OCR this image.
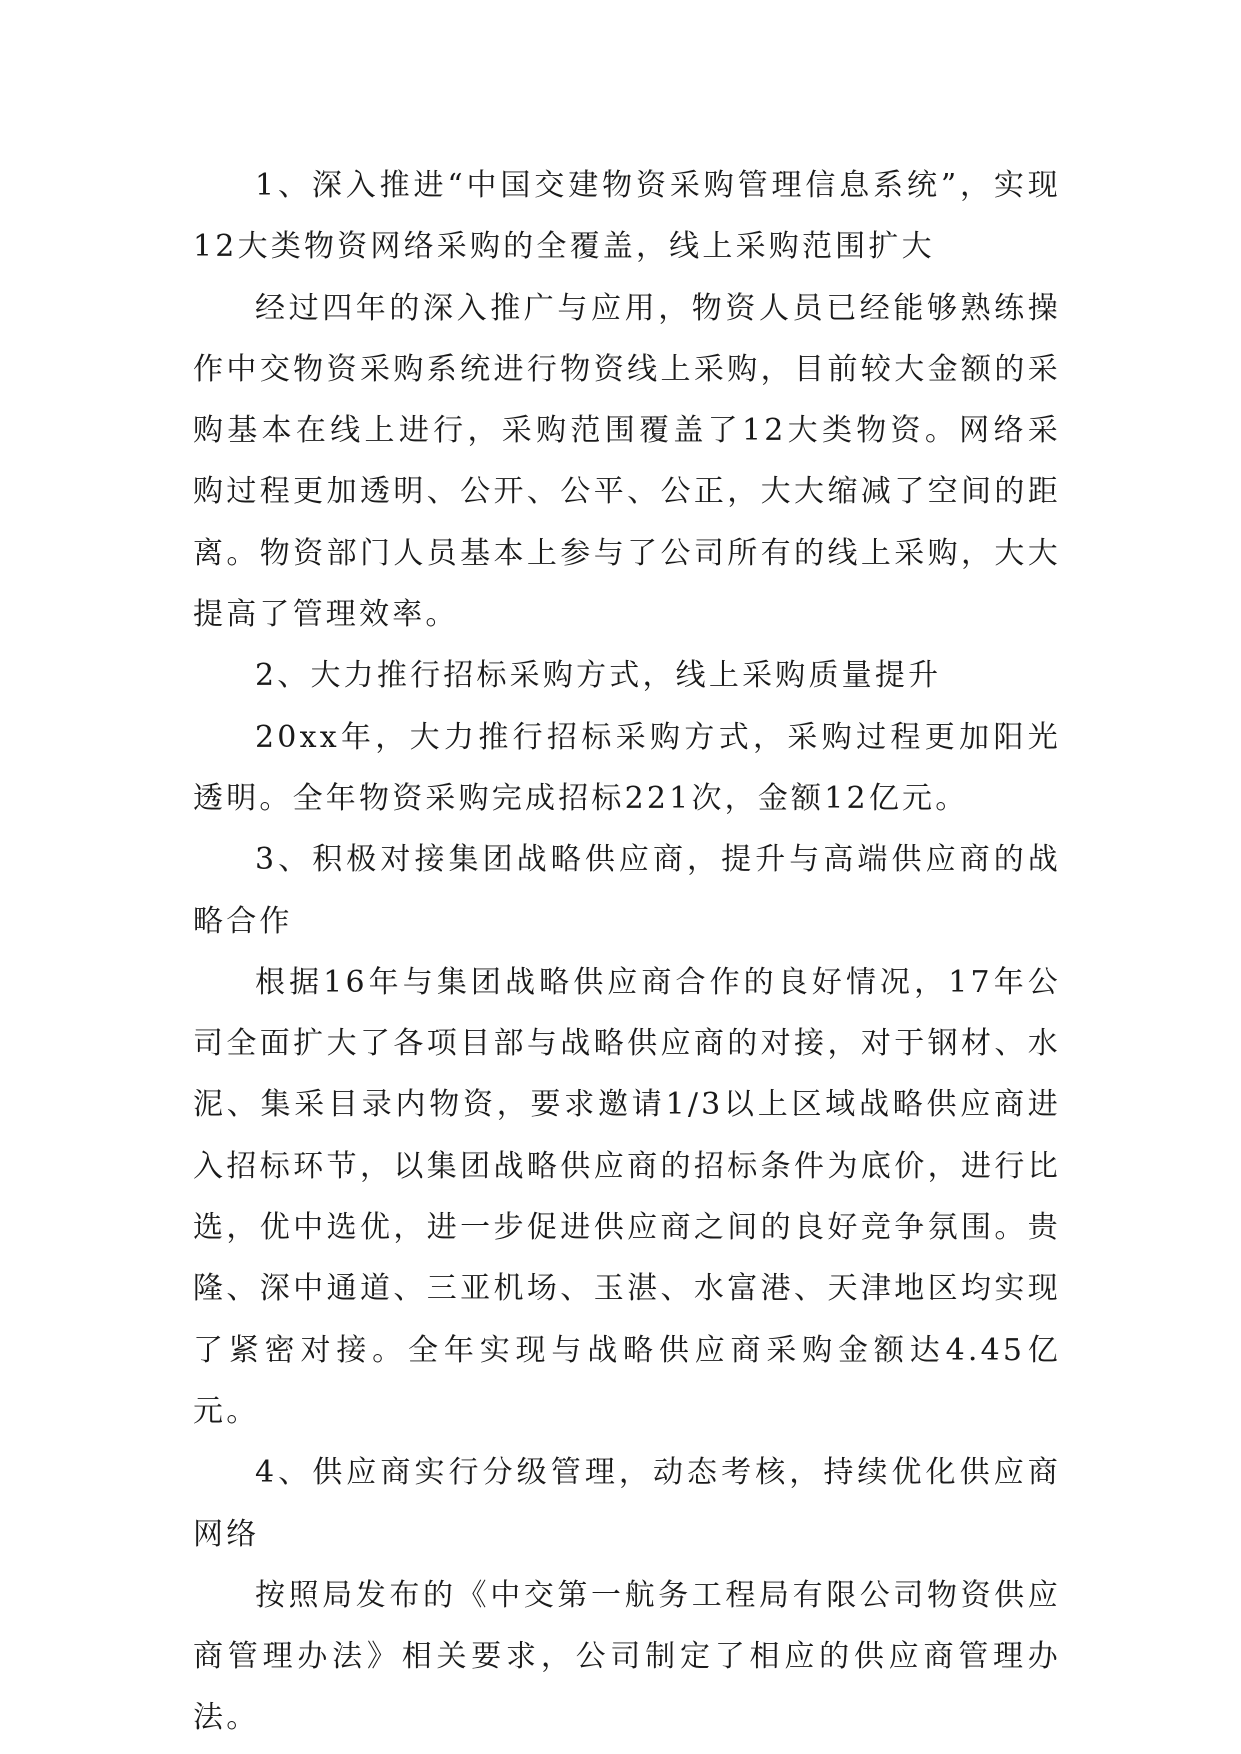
1、深入推进“中国交建物资采购管理信息系统”，实现12大类物资网络采购的全覆盖，线上采购范围扩大

经过四年的深入推广与应用，物资人员已经能够熟练操作中交物资采购系统进行物资线上采购，目前较大金额的采购基本在线上进行，采购范围覆盖了12大类物资。网络采购过程更加透明、公开、公平、公正，大大缩减了空间的距离。物资部门人员基本上参与了公司所有的线上采购，大大提高了管理效率。

2、大力推行招标采购方式，线上采购质量提升

20xx年，大力推行招标采购方式，采购过程更加阳光透明。全年物资采购完成招标221次，金额12亿元。

3、积极对接集团战略供应商，提升与高端供应商的战略合作

根据16年与集团战略供应商合作的良好情况，17年公司全面扩大了各项目部与战略供应商的对接，对于钢材、水泥、集采目录内物资，要求邀请1/3以上区域战略供应商进入招标环节，以集团战略供应商的招标条件为底价，进行比选，优中选优，进一步促进供应商之间的良好竞争氛围。贵隆、深中通道、三亚机场、玉湛、水富港、天津地区均实现了紧密对接。全年实现与战略供应商采购金额达4.45亿元。

4、供应商实行分级管理，动态考核，持续优化供应商网络

按照局发布的《中交第一航务工程局有限公司物资供应商管理办法》相关要求，公司制定了相应的供应商管理办法。
